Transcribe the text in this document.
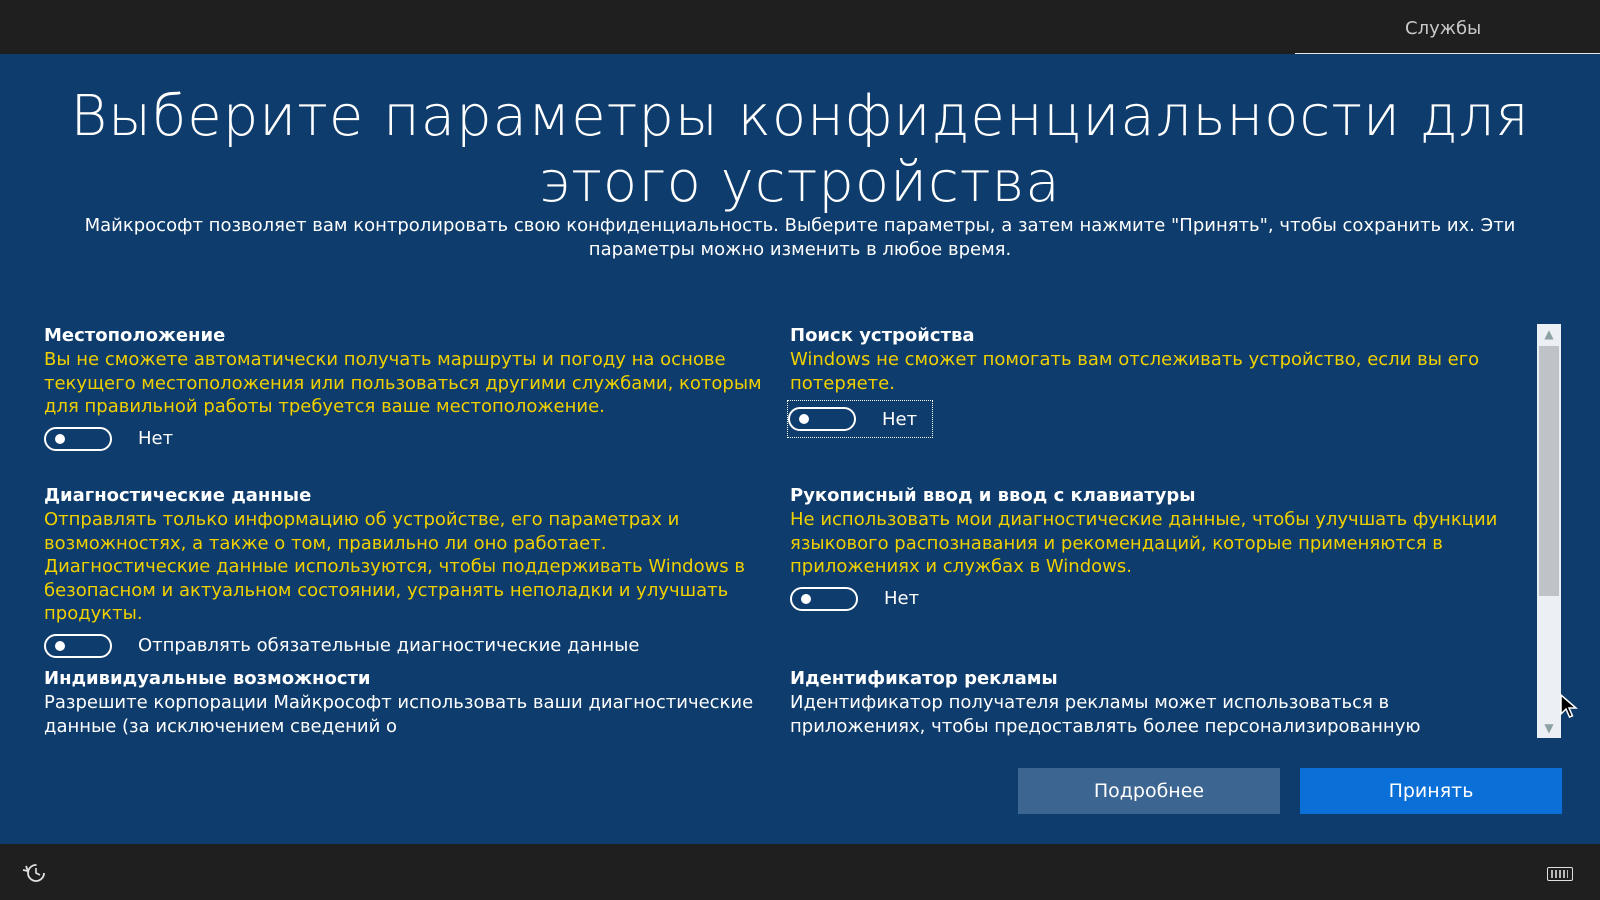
Службы
Выберите параметры конфиденциальности для этого устройства

Майкрософт позволяет вам контролировать свою конфиденциальность. Выберите параметры, а затем нажмите "Принять", чтобы сохранить их. Эти параметры можно изменить в любое время.

Местоположение
Вы не сможете автоматически получать маршруты и погоду на основе текущего местоположения или пользоваться другими службами, которым для правильной работы требуется ваше местоположение.
Нет
Диагностические данные
Отправлять только информацию об устройстве, его параметрах и возможностях, а также о том, правильно ли оно работает. Диагностические данные используются, чтобы поддерживать Windows в безопасном и актуальном состоянии, устранять неполадки и улучшать продукты.
Отправлять обязательные диагностические данные
Индивидуальные возможности
Разрешите корпорации Майкрософт использовать ваши диагностические данные (за исключением сведений о
Поиск устройства
Windows не сможет помогать вам отслеживать устройство, если вы его потеряете.
Нет
Рукописный ввод и ввод с клавиатуры
Не использовать мои диагностические данные, чтобы улучшать функции языкового распознавания и рекомендаций, которые применяются в приложениях и службах в Windows.
Нет
Идентификатор рекламы
Идентификатор получателя рекламы может использоваться в приложениях, чтобы предоставлять более персонализированную
▲
▼
Подробнее	Принять
